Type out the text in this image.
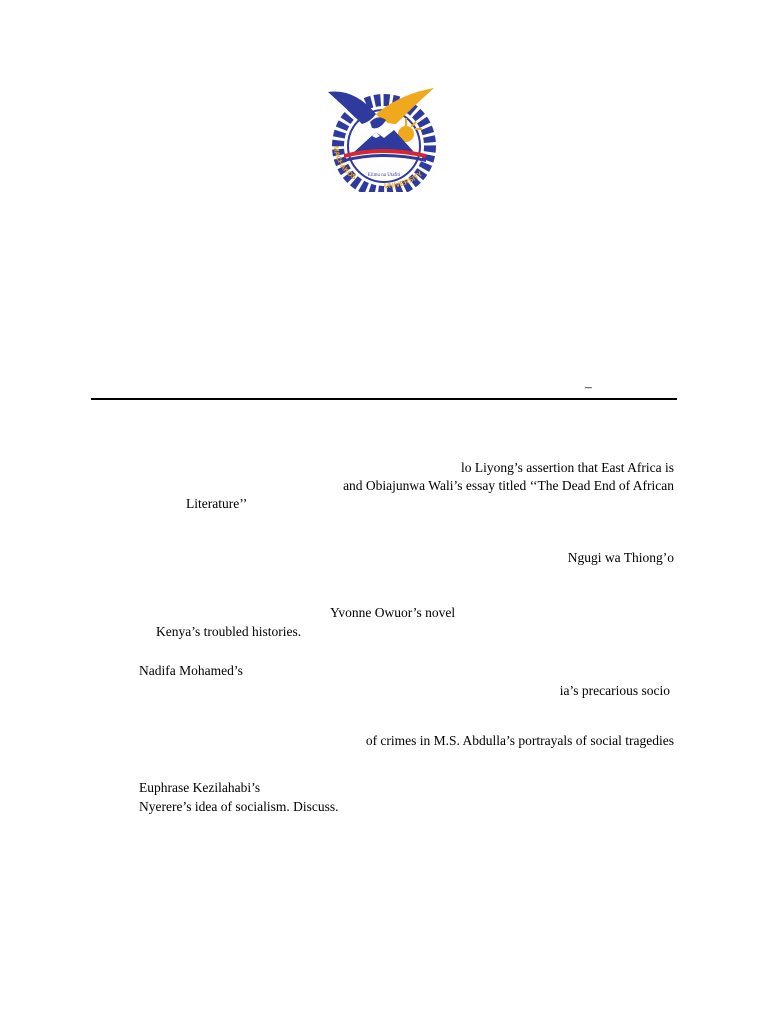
MACHAKOS
UNIVERSITY
Elimu na Utafiti
–
lo Liyong’s assertion that East Africa is
and Obiajunwa Wali’s essay titled ‘‘The Dead End of African
Literature’’
Ngugi wa Thiong’o
Yvonne Owuor’s novel
Kenya’s troubled histories.
Nadifa Mohamed’s
ia’s precarious socio
of crimes in M.S. Abdulla’s portrayals of social tragedies
Euphrase Kezilahabi’s
Nyerere’s idea of socialism. Discuss.
